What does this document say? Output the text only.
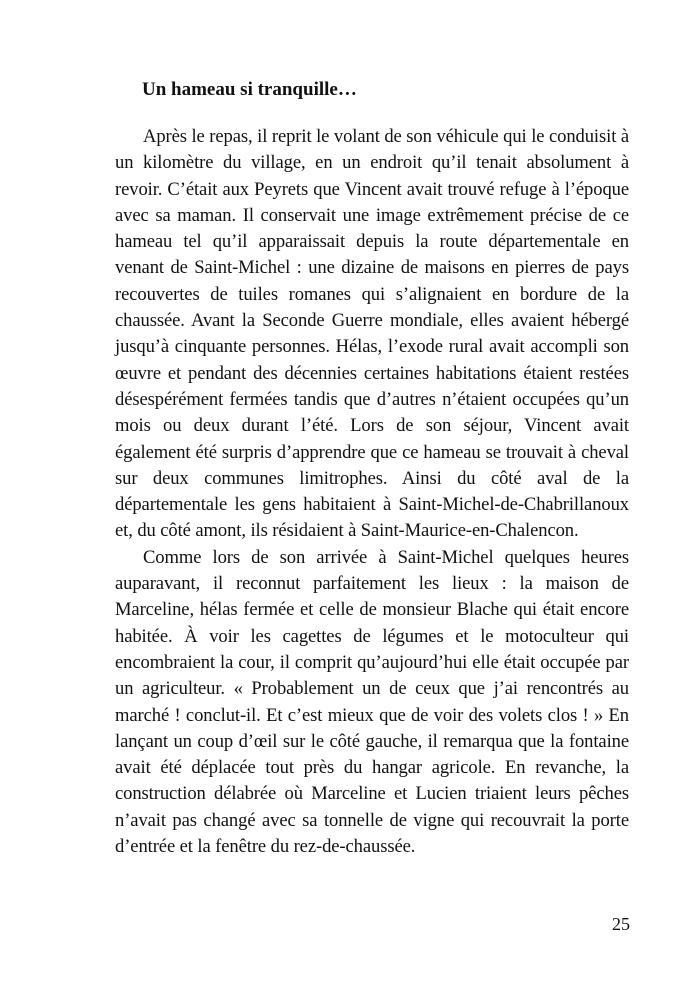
Un hameau si tranquille…

Après le repas, il reprit le volant de son véhicule qui le conduisit à un kilomètre du village, en un endroit qu’il tenait absolument à revoir. C’était aux Peyrets que Vincent avait trouvé refuge à l’époque avec sa maman. Il conservait une image extrêmement précise de ce hameau tel qu’il apparaissait depuis la route départementale en venant de Saint-Michel : une dizaine de maisons en pierres de pays recouvertes de tuiles romanes qui s’alignaient en bordure de la chaussée. Avant la Seconde Guerre mondiale, elles avaient hébergé jusqu’à cinquante personnes. Hélas, l’exode rural avait accompli son œuvre et pendant des décennies certaines habitations étaient restées désespérément fermées tandis que d’autres n’étaient occupées qu’un mois ou deux durant l’été. Lors de son séjour, Vincent avait également été surpris d’apprendre que ce hameau se trouvait à cheval sur deux communes limitrophes. Ainsi du côté aval de la départementale les gens habitaient à Saint-Michel-de-Chabrillanoux et, du côté amont, ils résidaient à Saint-Maurice-en-Chalencon.

Comme lors de son arrivée à Saint-Michel quelques heures auparavant, il reconnut parfaitement les lieux : la maison de Marceline, hélas fermée et celle de monsieur Blache qui était encore habitée. À voir les cagettes de légumes et le motoculteur qui encombraient la cour, il comprit qu’aujourd’hui elle était occupée par un agriculteur. « Probablement un de ceux que j’ai rencontrés au marché ! conclut-il. Et c’est mieux que de voir des volets clos ! » En lançant un coup d’œil sur le côté gauche, il remarqua que la fontaine avait été déplacée tout près du hangar agricole. En revanche, la construction délabrée où Marceline et Lucien triaient leurs pêches n’avait pas changé avec sa tonnelle de vigne qui recouvrait la porte d’entrée et la fenêtre du rez-de-chaussée.

25
